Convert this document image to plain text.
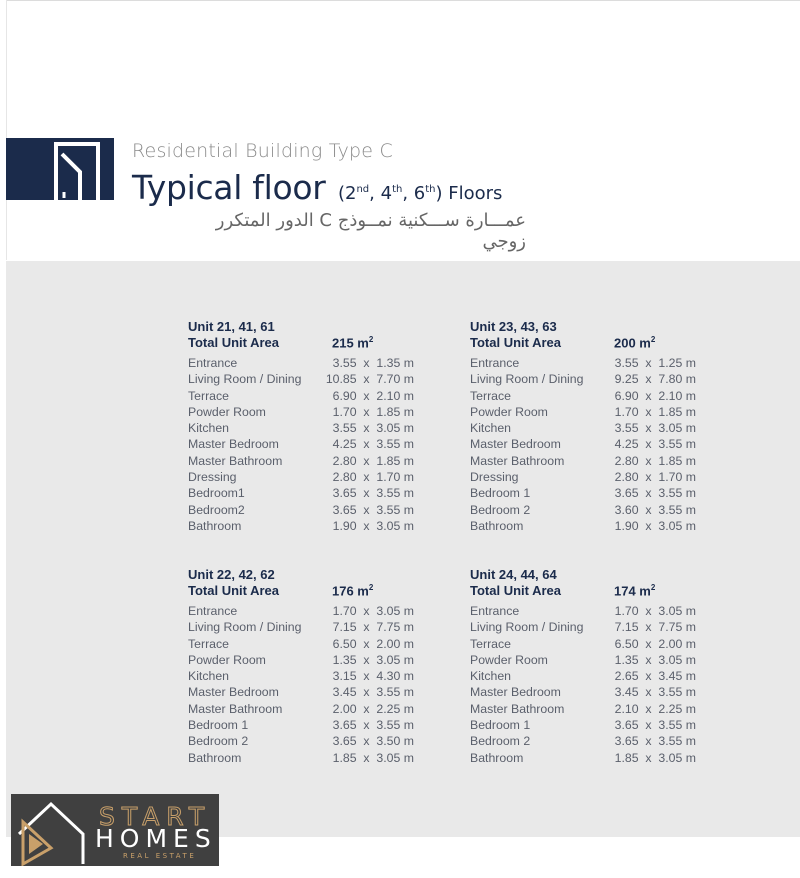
Residential Building Type C
Typical floor (2nd, 4th, 6th) Floors
عمـــارة ســـكنية نمــوذج C الدور المتكرر زوجي
Unit 21, 41, 61
Total Unit Area	215 $m^2$
Entrance	3.55  x  1.35 m
Living Room / Dining 10.85  x  7.70 m
Terrace	6.90  x  2.10 m
Powder Room	1.70  x  1.85 m
Kitchen	3.55  x  3.05 m
Master Bedroom	4.25  x  3.55 m
Master Bathroom	2.80  x  1.85 m
Dressing	2.80  x  1.70 m
Bedroom1	3.65  x  3.55 m
Bedroom2	3.65  x  3.55 m
Bathroom	1.90  x  3.05 m
Unit 23, 43, 63
Total Unit Area	200 $m^2$
Entrance	3.55  x  1.25 m
Living Room / Dining	9.25  x  7.80 m
Terrace	6.90  x  2.10 m
Powder Room	1.70  x  1.85 m
Kitchen	3.55  x  3.05 m
Master Bedroom	4.25  x  3.55 m
Master Bathroom	2.80  x  1.85 m
Dressing	2.80  x  1.70 m
Bedroom 1	3.65  x  3.55 m
Bedroom 2	3.60  x  3.55 m
Bathroom	1.90  x  3.05 m
Unit 22, 42, 62
Total Unit Area	176 $m^2$
Entrance	1.70  x  3.05 m
Living Room / Dining	7.15  x  7.75 m
Terrace	6.50  x  2.00 m
Powder Room	1.35  x  3.05 m
Kitchen	3.15  x  4.30 m
Master Bedroom	3.45  x  3.55 m
Master Bathroom	2.00  x  2.25 m
Bedroom 1	3.65  x  3.55 m
Bedroom 2	3.65  x  3.50 m
Bathroom	1.85  x  3.05 m
Unit 24, 44, 64
Total Unit Area	174 $m^2$
Entrance	1.70  x  3.05 m
Living Room / Dining	7.15  x  7.75 m
Terrace	6.50  x  2.00 m
Powder Room	1.35  x  3.05 m
Kitchen	2.65  x  3.45 m
Master Bedroom	3.45  x  3.55 m
Master Bathroom	2.10  x  2.25 m
Bedroom 1	3.65  x  3.55 m
Bedroom 2	3.65  x  3.55 m
Bathroom	1.85  x  3.05 m
START
HOMES
REAL ESTATE
